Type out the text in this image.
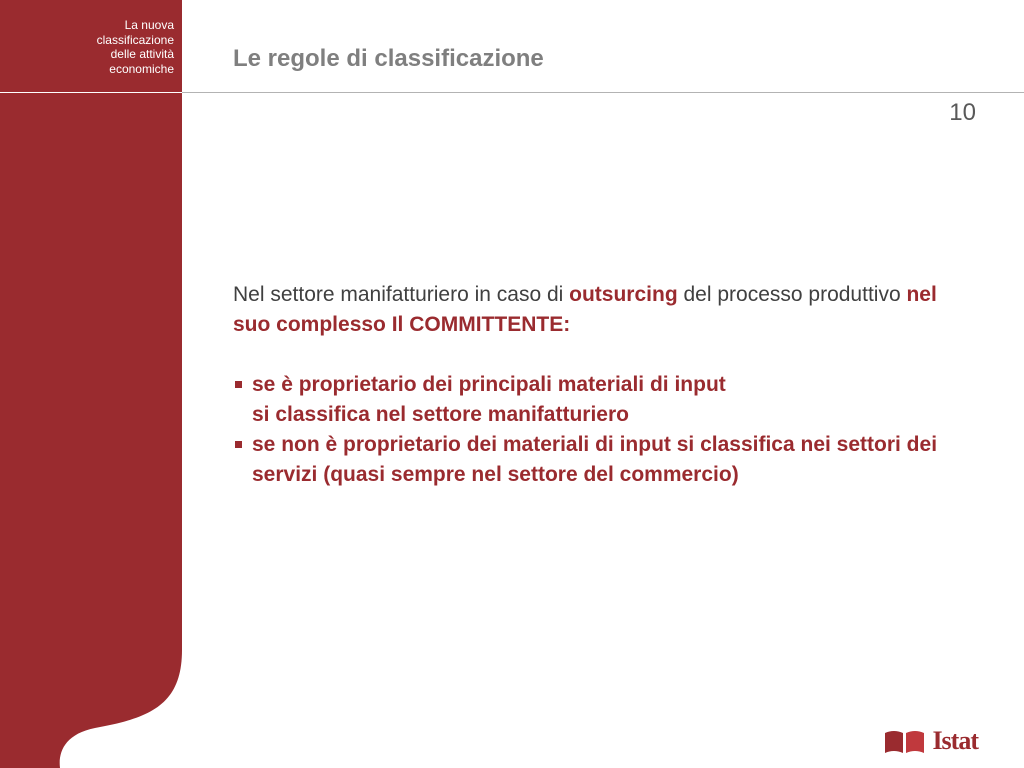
La nuova
classificazione
delle attività
economiche Le regole di classificazione
10

Nel settore manifatturiero in caso di outsurcing del processo produttivo nel suo complesso Il COMMITTENTE:

se è proprietario dei principali materiali di input
si classifica nel settore manifatturiero
se non è proprietario dei materiali di input si classifica nei settori dei servizi (quasi sempre nel settore del commercio)
Istat
